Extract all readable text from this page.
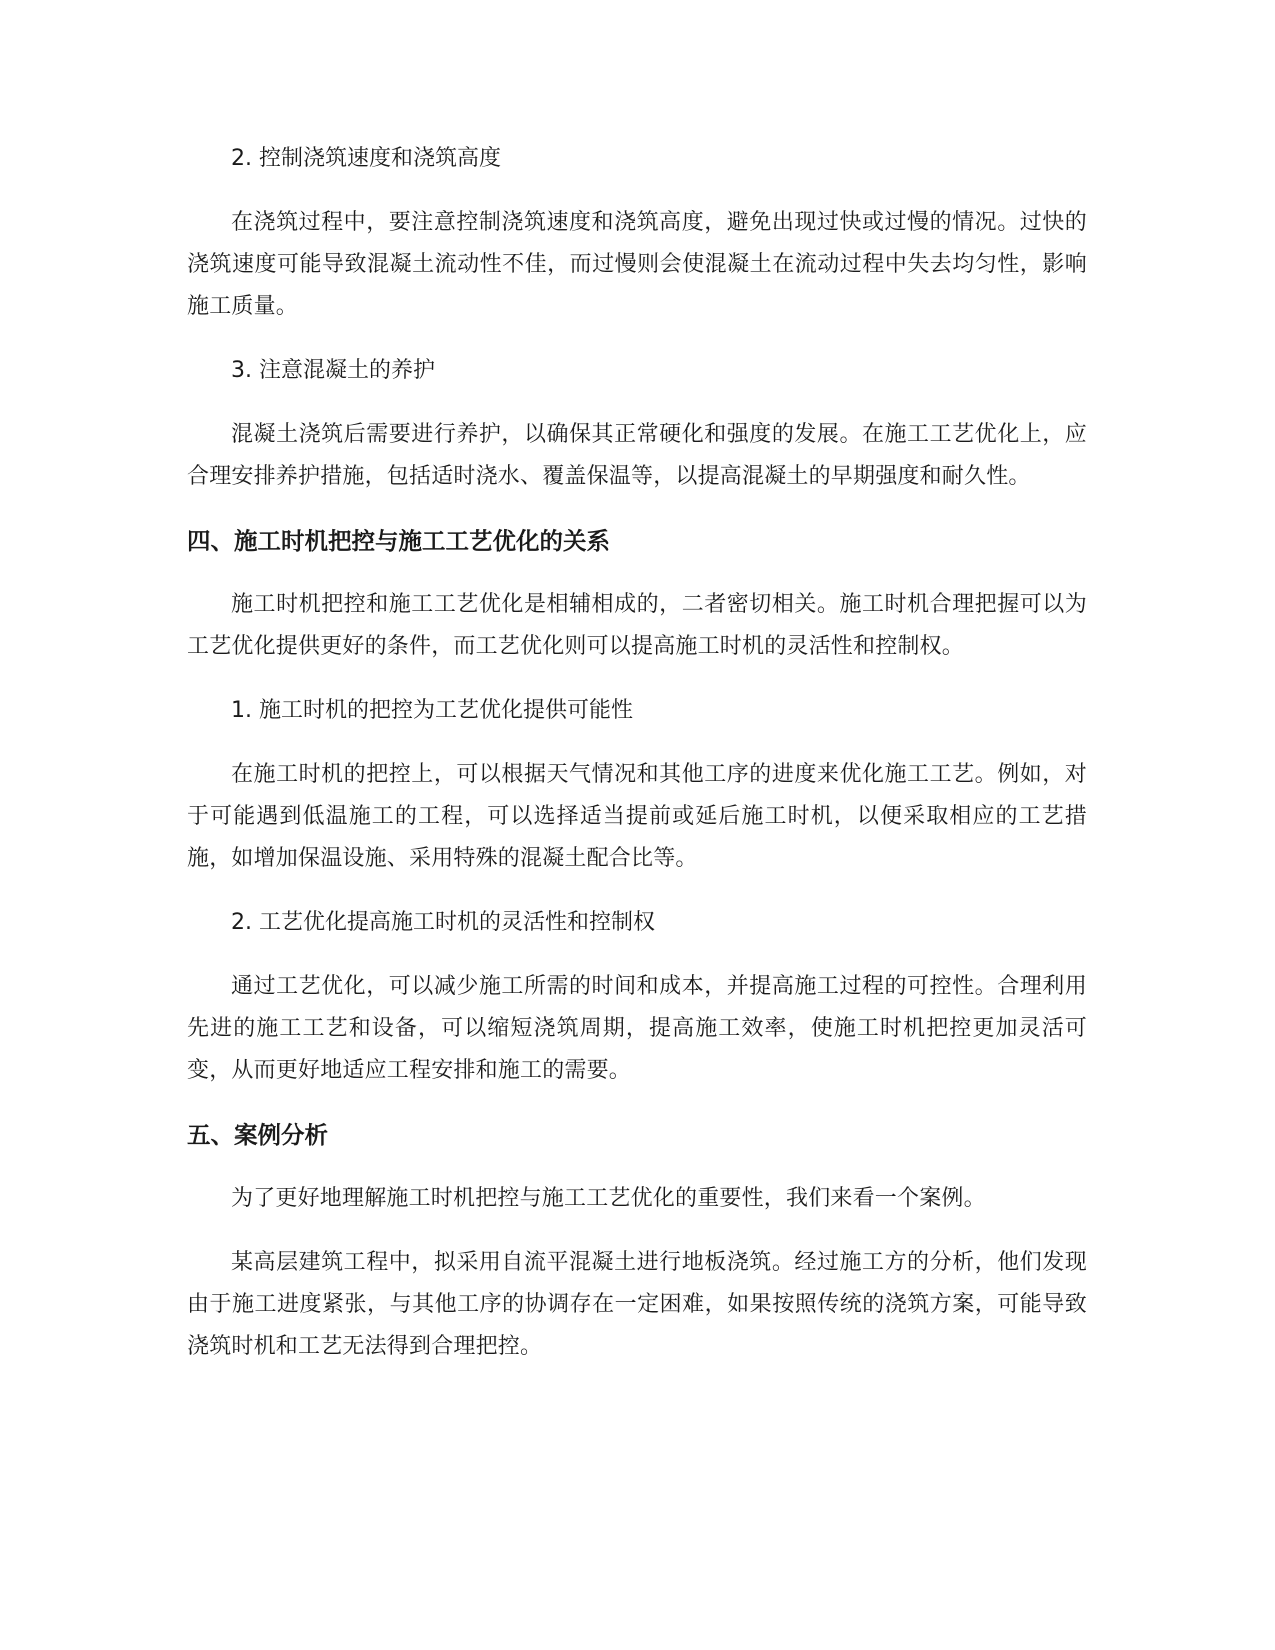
2. 控制浇筑速度和浇筑高度
在浇筑过程中，要注意控制浇筑速度和浇筑高度，避免出现过快或过慢的情况。过快的浇筑速度可能导致混凝土流动性不佳，而过慢则会使混凝土在流动过程中失去均匀性，影响施工质量。
3. 注意混凝土的养护
混凝土浇筑后需要进行养护，以确保其正常硬化和强度的发展。在施工工艺优化上，应合理安排养护措施，包括适时浇水、覆盖保温等，以提高混凝土的早期强度和耐久性。
四、施工时机把控与施工工艺优化的关系
施工时机把控和施工工艺优化是相辅相成的，二者密切相关。施工时机合理把握可以为工艺优化提供更好的条件，而工艺优化则可以提高施工时机的灵活性和控制权。
1. 施工时机的把控为工艺优化提供可能性
在施工时机的把控上，可以根据天气情况和其他工序的进度来优化施工工艺。例如，对于可能遇到低温施工的工程，可以选择适当提前或延后施工时机，以便采取相应的工艺措施，如增加保温设施、采用特殊的混凝土配合比等。
2. 工艺优化提高施工时机的灵活性和控制权
通过工艺优化，可以减少施工所需的时间和成本，并提高施工过程的可控性。合理利用先进的施工工艺和设备，可以缩短浇筑周期，提高施工效率，使施工时机把控更加灵活可变，从而更好地适应工程安排和施工的需要。
五、案例分析
为了更好地理解施工时机把控与施工工艺优化的重要性，我们来看一个案例。
某高层建筑工程中，拟采用自流平混凝土进行地板浇筑。经过施工方的分析，他们发现由于施工进度紧张，与其他工序的协调存在一定困难，如果按照传统的浇筑方案，可能导致浇筑时机和工艺无法得到合理把控。
